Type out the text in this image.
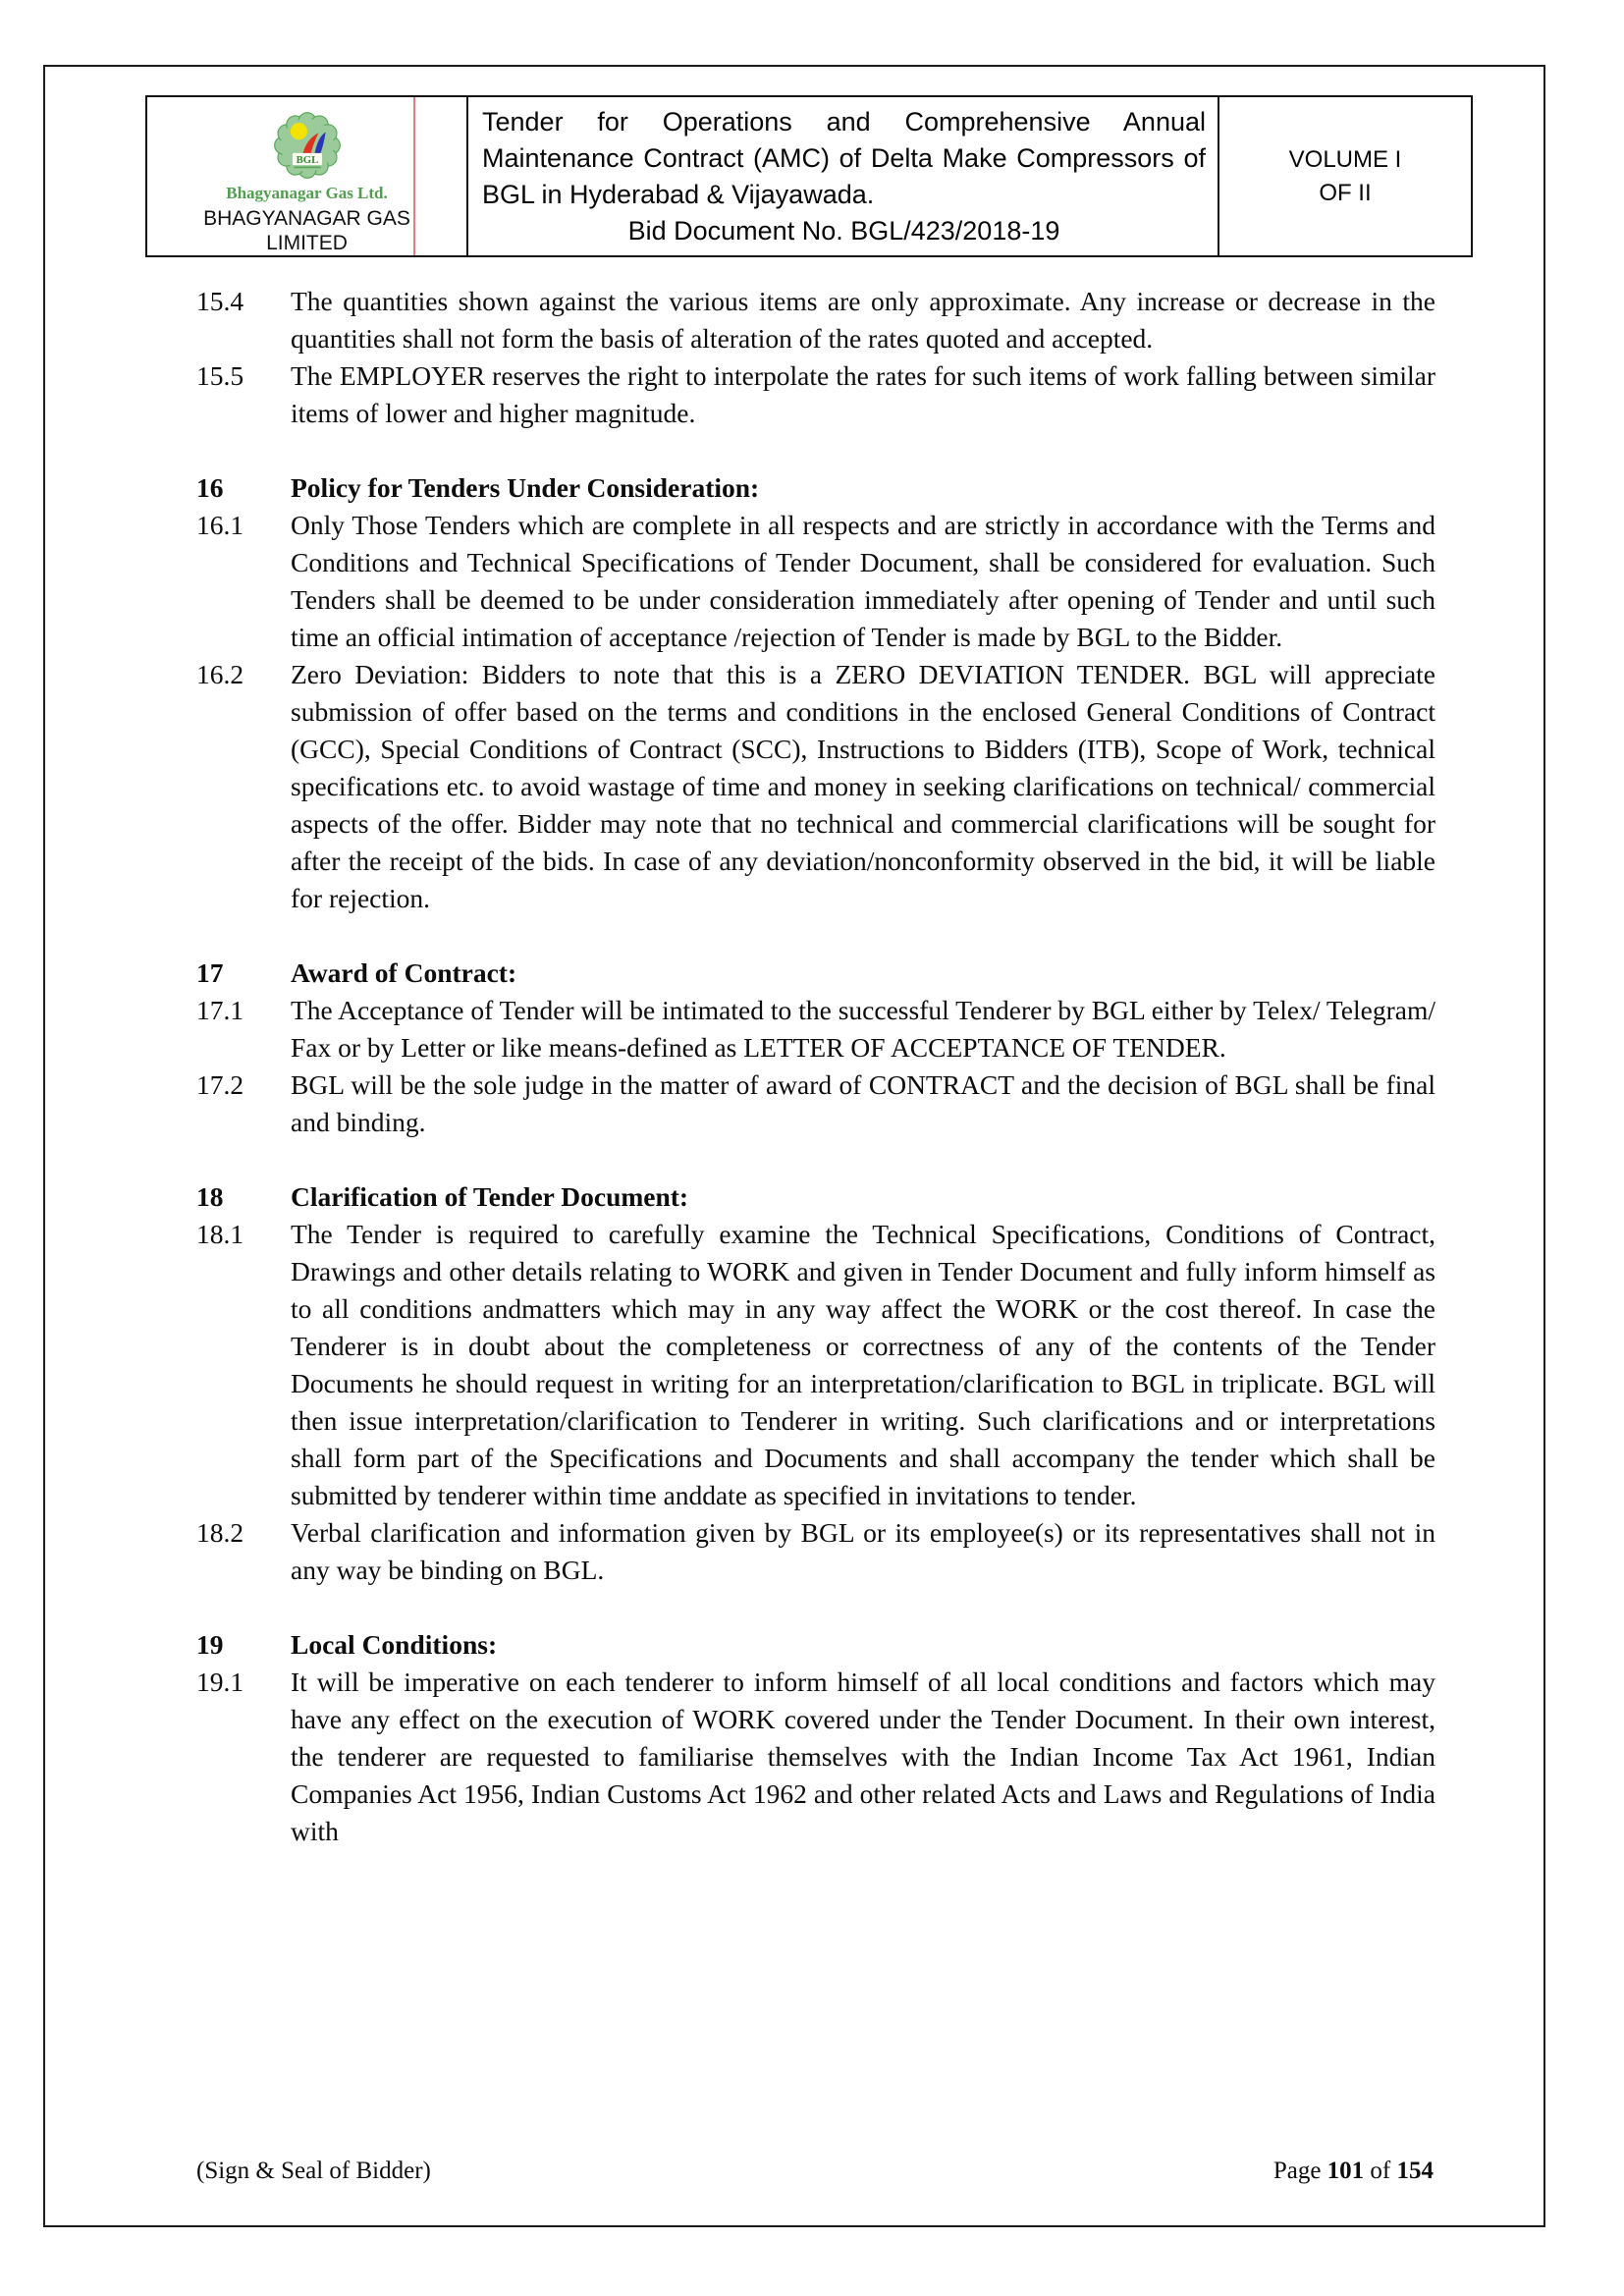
BGL
Bhagyanagar Gas Ltd.
BHAGYANAGAR GAS LIMITED
Tender for Operations and Comprehensive Annual Maintenance Contract (AMC) of Delta Make Compressors of BGL in Hyderabad & Vijayawada.
Bid Document No. BGL/423/2018-19
VOLUME I
OF II
15.4	The quantities shown against the various items are only approximate. Any increase or decrease in the quantities shall not form the basis of alteration of the rates quoted and accepted.
15.5	The EMPLOYER reserves the right to interpolate the rates for such items of work falling between similar items of lower and higher magnitude.
16	Policy for Tenders Under Consideration:
16.1	Only Those Tenders which are complete in all respects and are strictly in accordance with the Terms and Conditions and Technical Specifications of Tender Document, shall be considered for evaluation. Such Tenders shall be deemed to be under consideration immediately after opening of Tender and until such time an official intimation of acceptance /rejection of Tender is made by BGL to the Bidder.
16.2	Zero Deviation: Bidders to note that this is a ZERO DEVIATION TENDER. BGL will appreciate submission of offer based on the terms and conditions in the enclosed General Conditions of Contract (GCC), Special Conditions of Contract (SCC), Instructions to Bidders (ITB), Scope of Work, technical specifications etc. to avoid wastage of time and money in seeking clarifications on technical/ commercial aspects of the offer. Bidder may note that no technical and commercial clarifications will be sought for after the receipt of the bids. In case of any deviation/nonconformity observed in the bid, it will be liable for rejection.
17	Award of Contract:
17.1	The Acceptance of Tender will be intimated to the successful Tenderer by BGL either by Telex/ Telegram/ Fax or by Letter or like means-defined as LETTER OF ACCEPTANCE OF TENDER.
17.2	BGL will be the sole judge in the matter of award of CONTRACT and the decision of BGL shall be final and binding.
18	Clarification of Tender Document:
18.1	The Tender is required to carefully examine the Technical Specifications, Conditions of Contract, Drawings and other details relating to WORK and given in Tender Document and fully inform himself as to all conditions andmatters which may in any way affect the WORK or the cost thereof. In case the Tenderer is in doubt about the completeness or correctness of any of the contents of the Tender Documents he should request in writing for an interpretation/clarification to BGL in triplicate. BGL will then issue interpretation/clarification to Tenderer in writing. Such clarifications and or interpretations shall form part of the Specifications and Documents and shall accompany the tender which shall be submitted by tenderer within time anddate as specified in invitations to tender.
18.2	Verbal clarification and information given by BGL or its employee(s) or its representatives shall not in any way be binding on BGL.
19	Local Conditions:
19.1	It will be imperative on each tenderer to inform himself of all local conditions and factors which may have any effect on the execution of WORK covered under the Tender Document. In their own interest, the tenderer are requested to familiarise themselves with the Indian Income Tax Act 1961, Indian Companies Act 1956, Indian Customs Act 1962 and other related Acts and Laws and Regulations of India with
(Sign & Seal of Bidder)	Page 101 of 154
